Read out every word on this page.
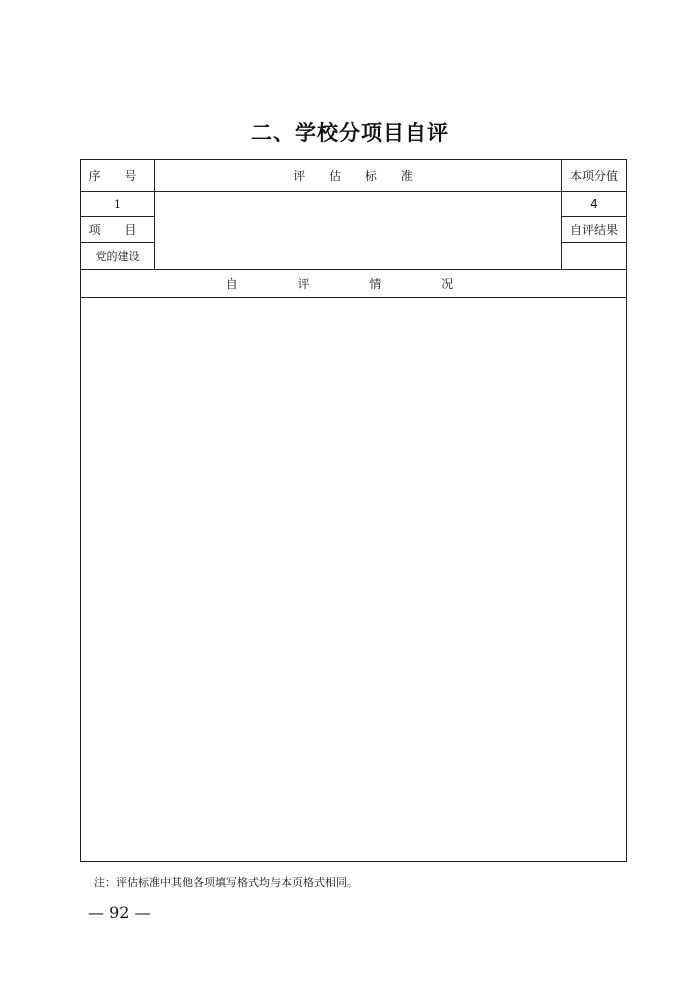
二、学校分项目自评
序 号	评 估 标 准	本项分值
1	4
项 目	自评结果
党的建设
自 评 情 况
注：评估标准中其他各项填写格式均与本页格式相同。
— 92 —
